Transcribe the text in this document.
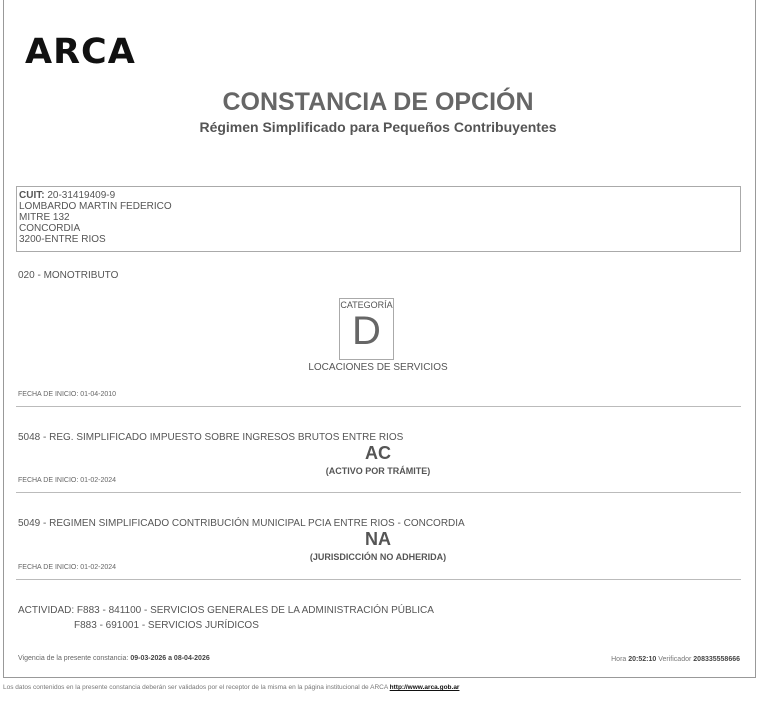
ARCA
CONSTANCIA DE OPCIÓN
Régimen Simplificado para Pequeños Contribuyentes
CUIT: 20-31419409-9
LOMBARDO MARTIN FEDERICO
MITRE 132
CONCORDIA
3200-ENTRE RIOS
020 - MONOTRIBUTO
CATEGORÍA
D
LOCACIONES DE SERVICIOS
FECHA DE INICIO: 01-04-2010
5048 - REG. SIMPLIFICADO IMPUESTO SOBRE INGRESOS BRUTOS ENTRE RIOS
AC
(ACTIVO POR TRÁMITE)
FECHA DE INICIO: 01-02-2024
5049 - REGIMEN SIMPLIFICADO CONTRIBUCIÓN MUNICIPAL PCIA ENTRE RIOS - CONCORDIA
NA
(JURISDICCIÓN NO ADHERIDA)
FECHA DE INICIO: 01-02-2024
ACTIVIDAD: F883 - 841100 - SERVICIOS GENERALES DE LA ADMINISTRACIÓN PÚBLICA
F883 - 691001 - SERVICIOS JURÍDICOS
Vigencia de la presente constancia: 09-03-2026 a 08-04-2026	Hora 20:52:10 Verificador 208335558666
Los datos contenidos en la presente constancia deberán ser validados por el receptor de la misma en la página institucional de ARCA http://www.arca.gob.ar
